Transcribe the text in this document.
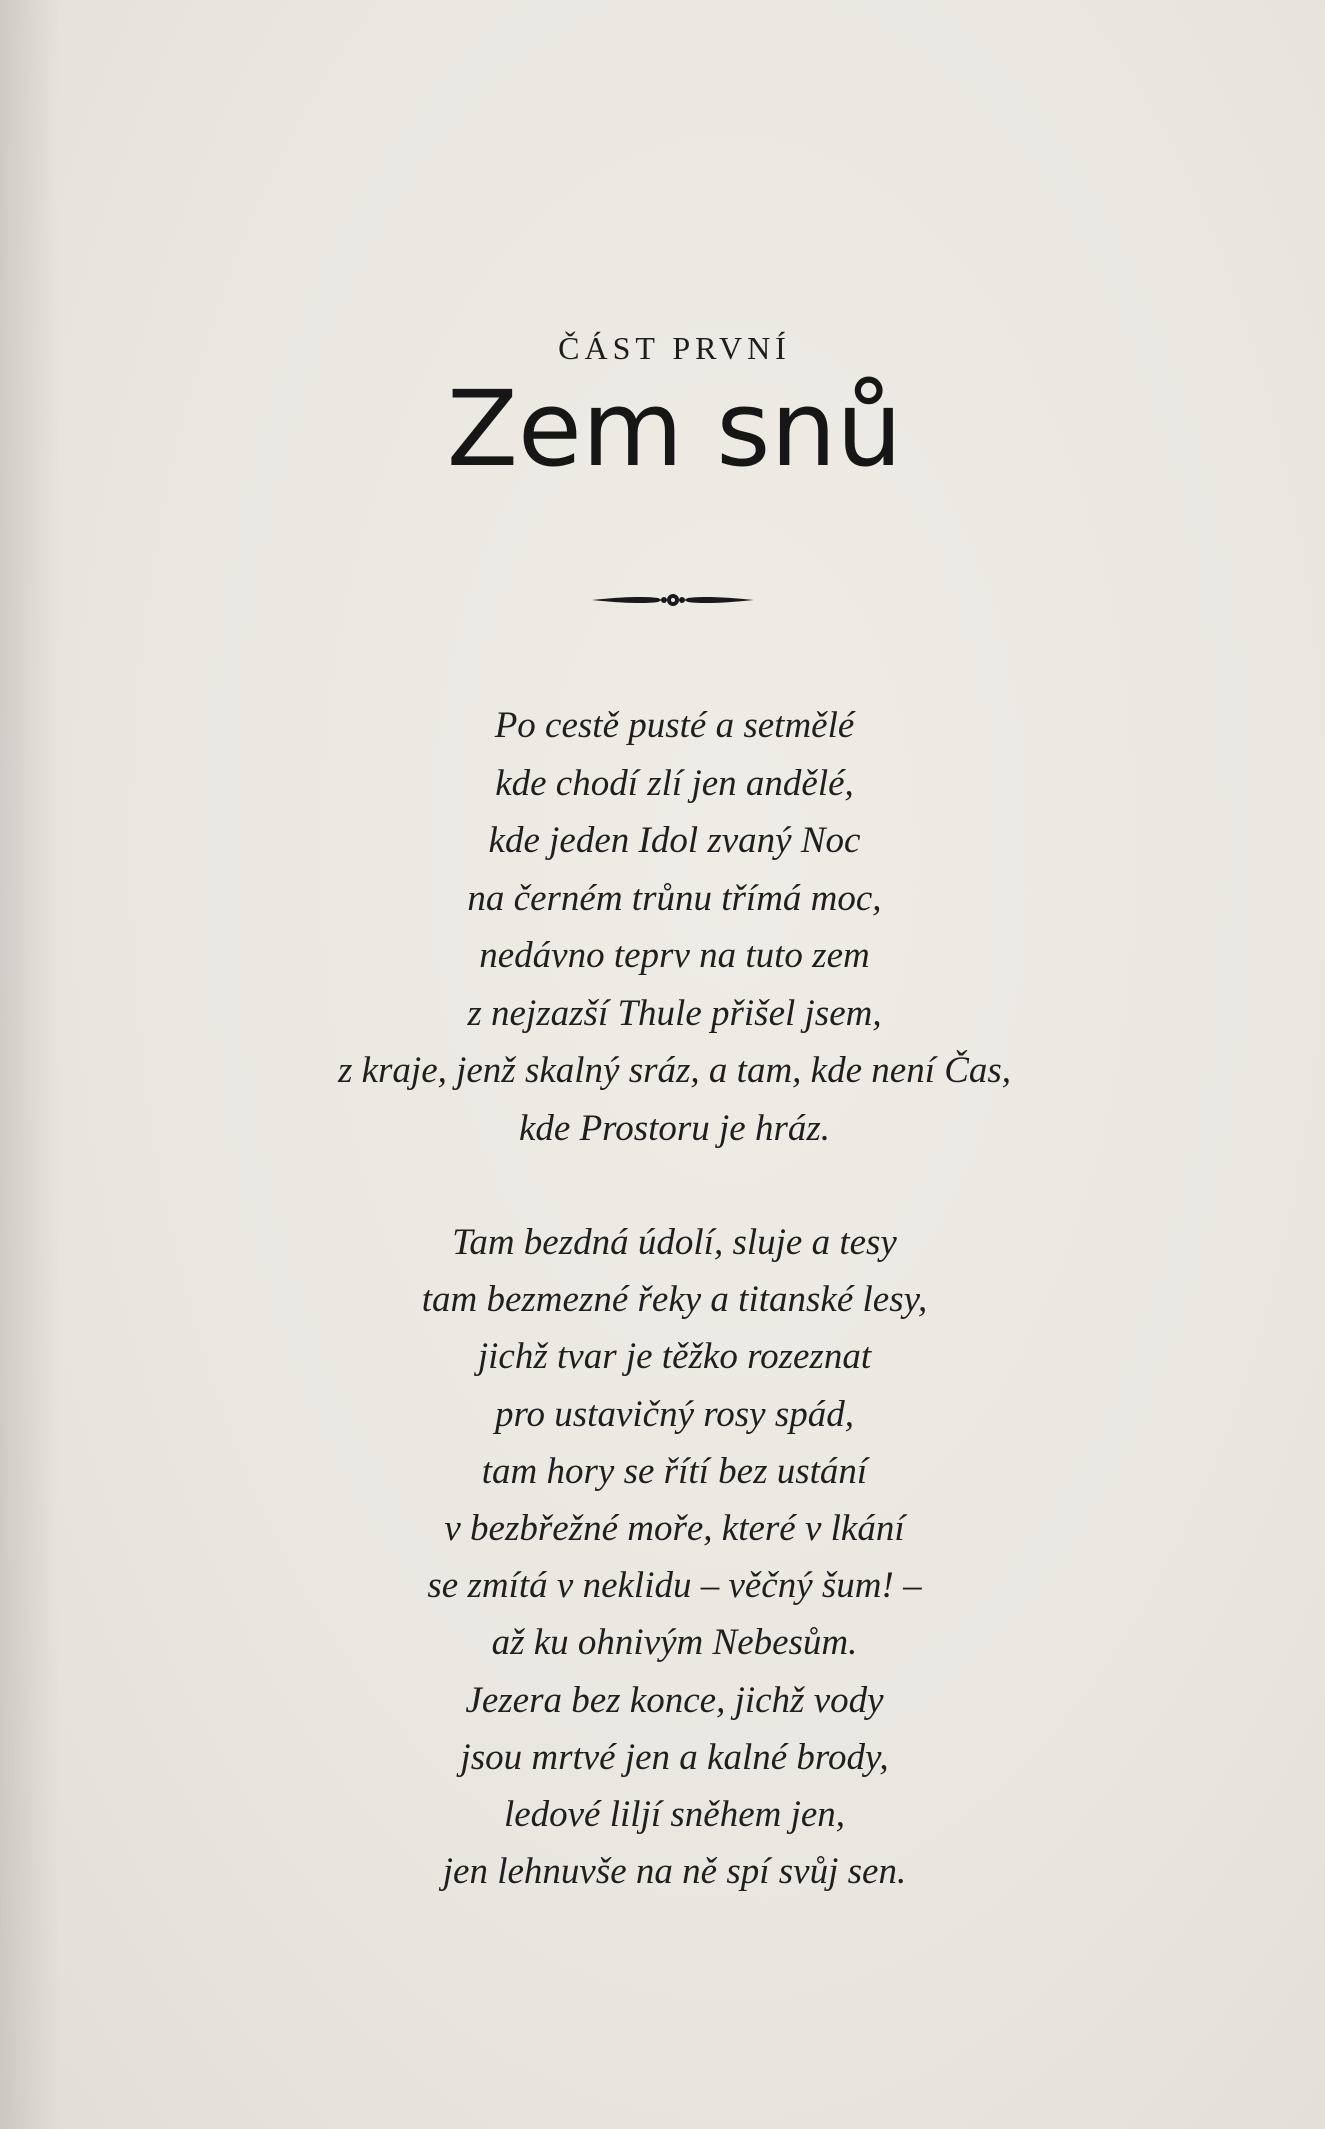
ČÁST PRVNÍ
Zem snů
Po cestě pusté a setmělé
kde chodí zlí jen andělé,
kde jeden Idol zvaný Noc
na černém trůnu třímá moc,
nedávno teprv na tuto zem
z nejzazší Thule přišel jsem,
z kraje, jenž skalný sráz, a tam, kde není Čas,
kde Prostoru je hráz.
Tam bezdná údolí, sluje a tesy
tam bezmezné řeky a titanské lesy,
jichž tvar je těžko rozeznat
pro ustavičný rosy spád,
tam hory se řítí bez ustání
v bezbřežné moře, které v lkání
se zmítá v neklidu – věčný šum! –
až ku ohnivým Nebesům.
Jezera bez konce, jichž vody
jsou mrtvé jen a kalné brody,
ledové liljí sněhem jen,
jen lehnuvše na ně spí svůj sen.
